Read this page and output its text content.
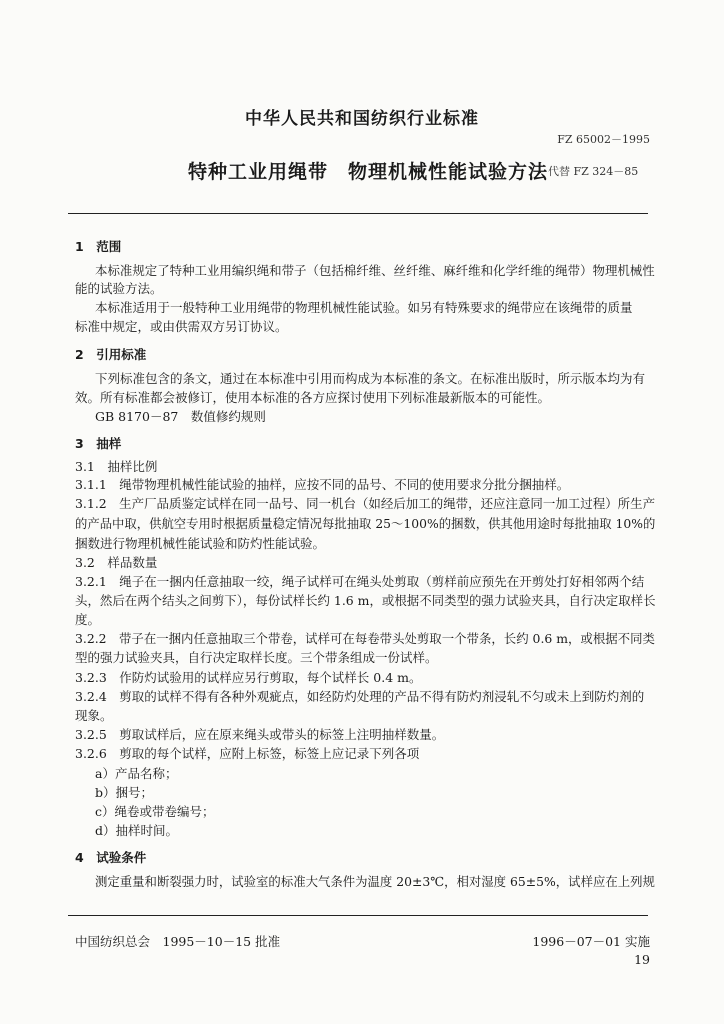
中华人民共和国纺织行业标准
FZ 65002－1995
特种工业用绳带　物理机械性能试验方法 代替 FZ 324－85
1　范围
本标准规定了特种工业用编织绳和带子（包括棉纤维、丝纤维、麻纤维和化学纤维的绳带）物理机械性
能的试验方法。
本标准适用于一般特种工业用绳带的物理机械性能试验。如另有特殊要求的绳带应在该绳带的质量
标准中规定，或由供需双方另订协议。
2　引用标准
下列标准包含的条文，通过在本标准中引用而构成为本标准的条文。在标准出版时，所示版本均为有
效。所有标准都会被修订，使用本标准的各方应探讨使用下列标准最新版本的可能性。
GB 8170－87　数值修约规则
3　抽样
3.1　抽样比例
3.1.1　绳带物理机械性能试验的抽样，应按不同的品号、不同的使用要求分批分捆抽样。
3.1.2　生产厂品质鉴定试样在同一品号、同一机台（如经后加工的绳带，还应注意同一加工过程）所生产
的产品中取，供航空专用时根据质量稳定情况每批抽取 25～100%的捆数，供其他用途时每批抽取 10%的
捆数进行物理机械性能试验和防灼性能试验。
3.2　样品数量
3.2.1　绳子在一捆内任意抽取一绞，绳子试样可在绳头处剪取（剪样前应预先在开剪处打好相邻两个结
头，然后在两个结头之间剪下），每份试样长约 1.6 m，或根据不同类型的强力试验夹具，自行决定取样长
度。
3.2.2　带子在一捆内任意抽取三个带卷，试样可在每卷带头处剪取一个带条，长约 0.6 m，或根据不同类
型的强力试验夹具，自行决定取样长度。三个带条组成一份试样。
3.2.3　作防灼试验用的试样应另行剪取，每个试样长 0.4 m。
3.2.4　剪取的试样不得有各种外观疵点，如经防灼处理的产品不得有防灼剂浸轧不匀或未上到防灼剂的
现象。
3.2.5　剪取试样后，应在原来绳头或带头的标签上注明抽样数量。
3.2.6　剪取的每个试样，应附上标签，标签上应记录下列各项
a）产品名称；
b）捆号；
c）绳卷或带卷编号；
d）抽样时间。
4　试验条件
测定重量和断裂强力时，试验室的标准大气条件为温度 20±3℃，相对湿度 65±5%，试样应在上列规
中国纺织总会　1995－10－15 批准	1996－07－01 实施
19
